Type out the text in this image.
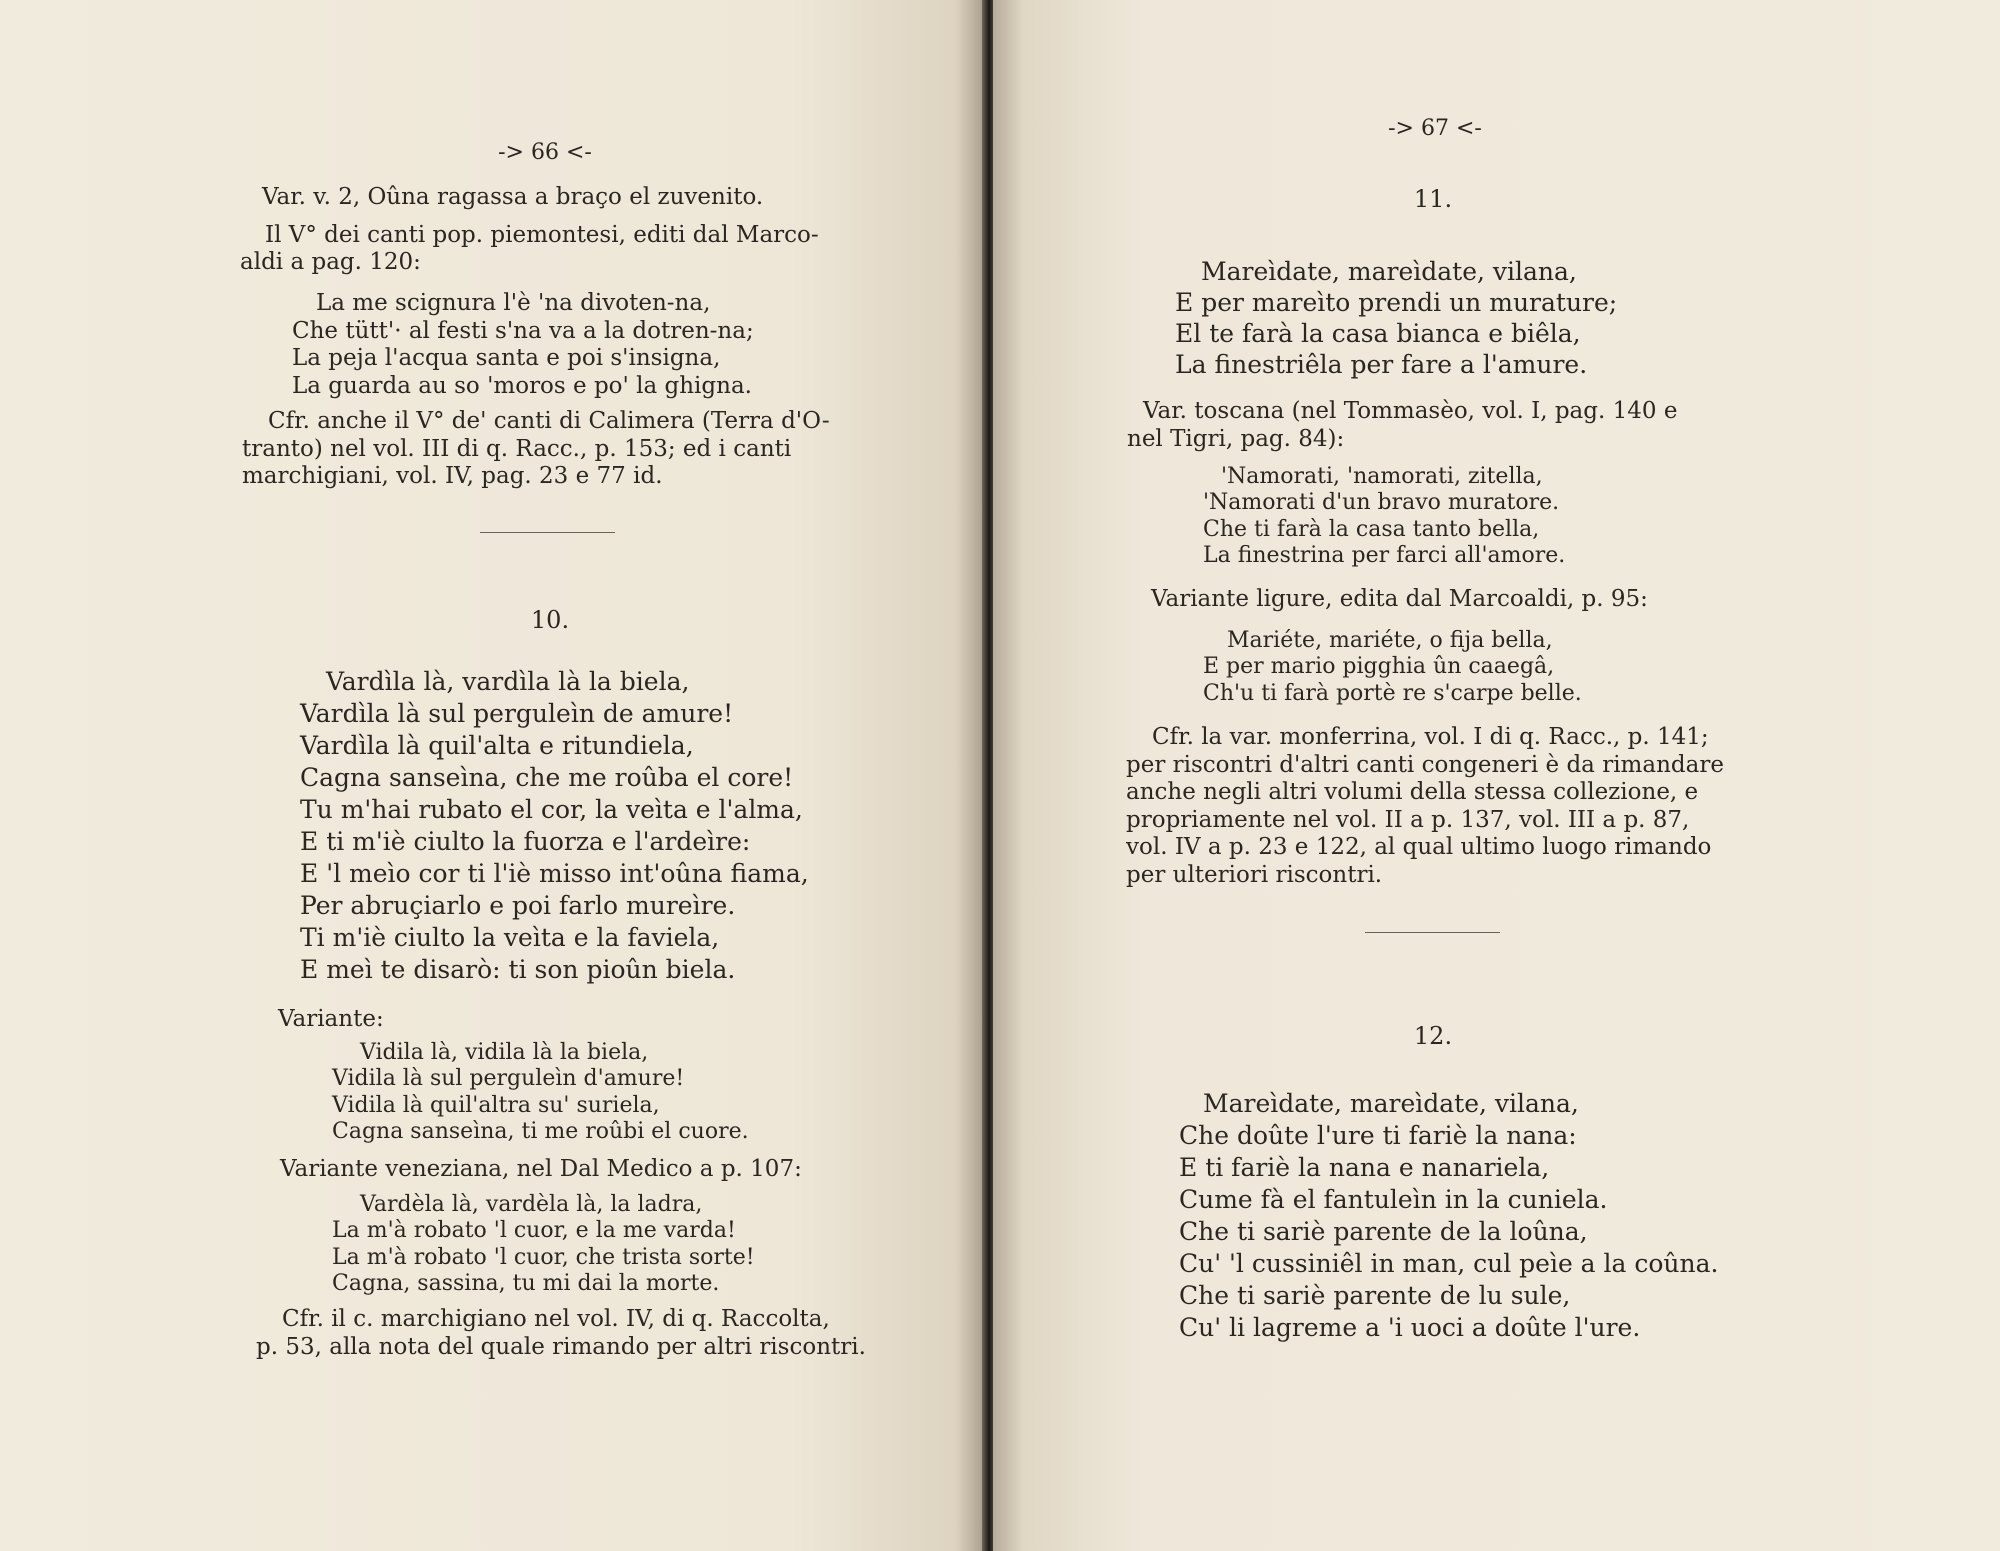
-> 66 <-
Var. v. 2, Oûna ragassa a braço el zuvenito.
Il V° dei canti pop. piemontesi, editi dal Marco-
aldi a pag. 120:
La me scignura l'è 'na divoten-na,
Che tütt'· al festi s'na va a la dotren-na;
La peja l'acqua santa e poi s'insigna,
La guarda au so 'moros e po' la ghigna.
Cfr. anche il V° de' canti di Calimera (Terra d'O-
tranto) nel vol. III di q. Racc., p. 153; ed i canti
marchigiani, vol. IV, pag. 23 e 77 id.
10.
Vardìla là, vardìla là la biela,
Vardìla là sul perguleìn de amure!
Vardìla là quil'alta e ritundiela,
Cagna sanseìna, che me roûba el core!
Tu m'hai rubato el cor, la veìta e l'alma,
E ti m'iè ciulto la fuorza e l'ardeìre:
E 'l meìo cor ti l'iè misso int'oûna fiama,
Per abruçiarlo e poi farlo mureìre.
Ti m'iè ciulto la veìta e la faviela,
E meì te disarò: ti son pioûn biela.
Variante:
Vidila là, vidila là la biela,
Vidila là sul perguleìn d'amure!
Vidila là quil'altra su' suriela,
Cagna sanseìna, ti me roûbi el cuore.
Variante veneziana, nel Dal Medico a p. 107:
Vardèla là, vardèla là, la ladra,
La m'à robato 'l cuor, e la me varda!
La m'à robato 'l cuor, che trista sorte!
Cagna, sassina, tu mi dai la morte.
Cfr. il c. marchigiano nel vol. IV, di q. Raccolta,
p. 53, alla nota del quale rimando per altri riscontri.
-> 67 <-
11.
Mareìdate, mareìdate, vilana,
E per mareìto prendi un murature;
El te farà la casa bianca e biêla,
La finestriêla per fare a l'amure.
Var. toscana (nel Tommasèo, vol. I, pag. 140 e
nel Tigri, pag. 84):
'Namorati, 'namorati, zitella,
'Namorati d'un bravo muratore.
Che ti farà la casa tanto bella,
La finestrina per farci all'amore.
Variante ligure, edita dal Marcoaldi, p. 95:
Mariéte, mariéte, o fija bella,
E per mario pigghia ûn caaegâ,
Ch'u ti farà portè re s'carpe belle.
Cfr. la var. monferrina, vol. I di q. Racc., p. 141;
per riscontri d'altri canti congeneri è da rimandare
anche negli altri volumi della stessa collezione, e
propriamente nel vol. II a p. 137, vol. III a p. 87,
vol. IV a p. 23 e 122, al qual ultimo luogo rimando
per ulteriori riscontri.
12.
Mareìdate, mareìdate, vilana,
Che doûte l'ure ti fariè la nana:
E ti fariè la nana e nanariela,
Cume fà el fantuleìn in la cuniela.
Che ti sariè parente de la loûna,
Cu' 'l cussiniêl in man, cul peìe a la coûna.
Che ti sariè parente de lu sule,
Cu' li lagreme a 'i uoci a doûte l'ure.
